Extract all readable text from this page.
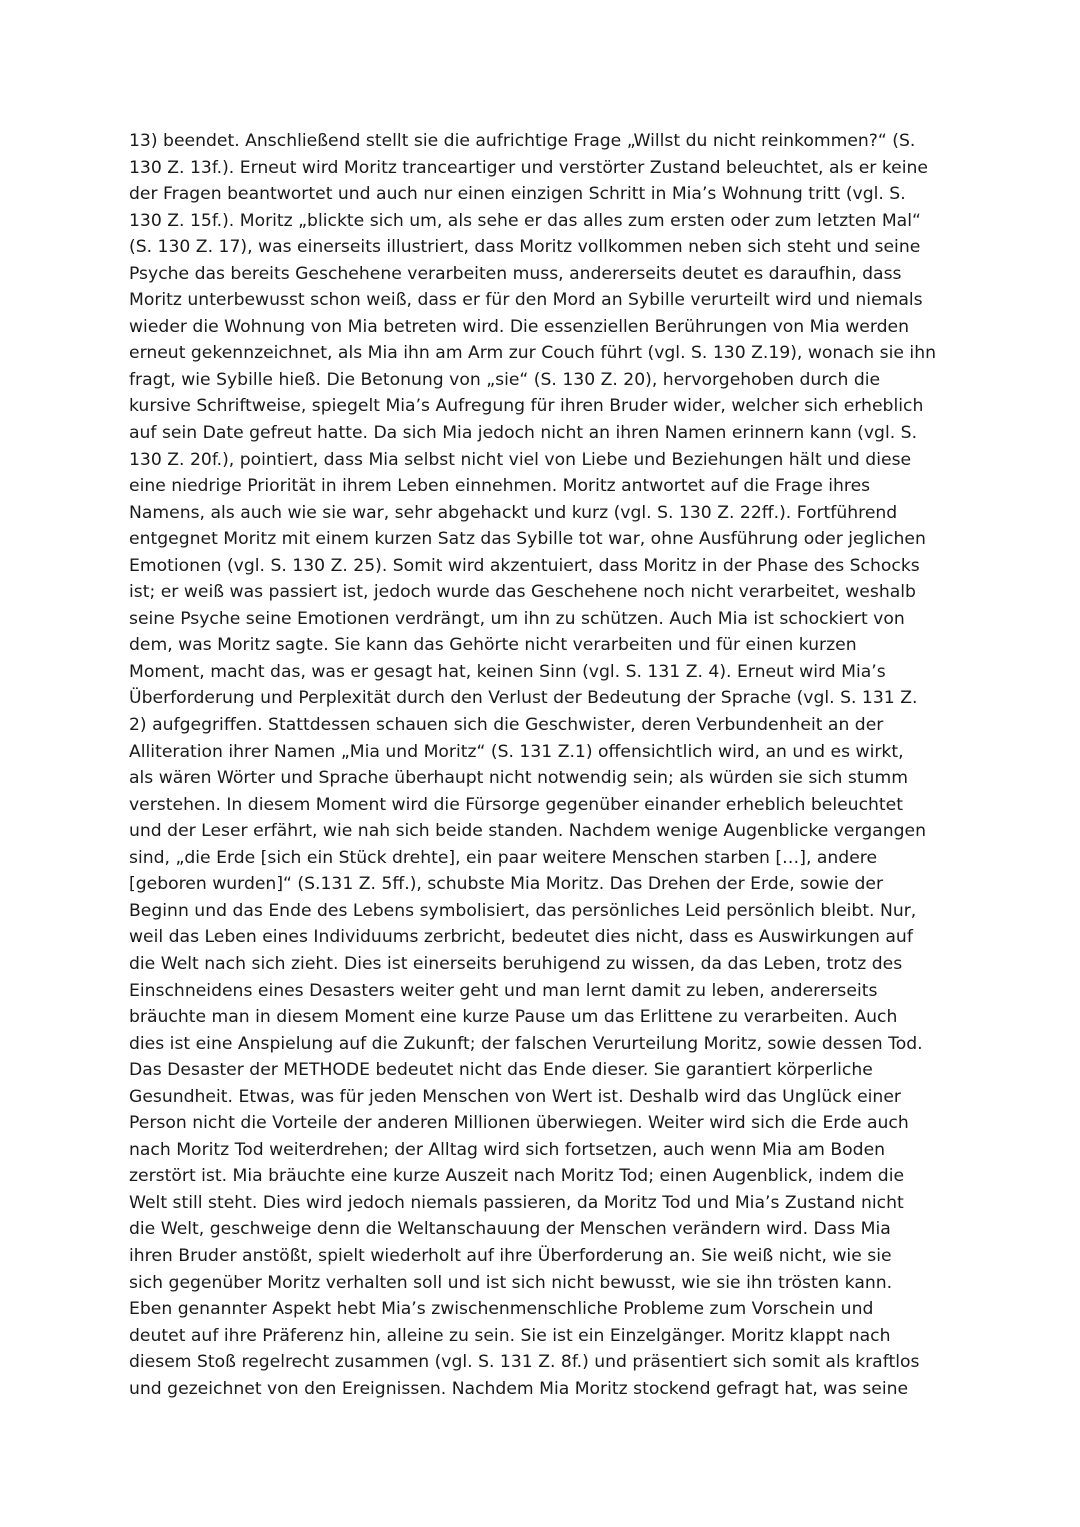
13) beendet. Anschließend stellt sie die aufrichtige Frage „Willst du nicht reinkommen?“ (S.
130 Z. 13f.). Erneut wird Moritz tranceartiger und verstörter Zustand beleuchtet, als er keine
der Fragen beantwortet und auch nur einen einzigen Schritt in Mia’s Wohnung tritt (vgl. S.
130 Z. 15f.). Moritz „blickte sich um, als sehe er das alles zum ersten oder zum letzten Mal“
(S. 130 Z. 17), was einerseits illustriert, dass Moritz vollkommen neben sich steht und seine
Psyche das bereits Geschehene verarbeiten muss, andererseits deutet es daraufhin, dass
Moritz unterbewusst schon weiß, dass er für den Mord an Sybille verurteilt wird und niemals
wieder die Wohnung von Mia betreten wird. Die essenziellen Berührungen von Mia werden
erneut gekennzeichnet, als Mia ihn am Arm zur Couch führt (vgl. S. 130 Z.19), wonach sie ihn
fragt, wie Sybille hieß. Die Betonung von „sie“ (S. 130 Z. 20), hervorgehoben durch die
kursive Schriftweise, spiegelt Mia’s Aufregung für ihren Bruder wider, welcher sich erheblich
auf sein Date gefreut hatte. Da sich Mia jedoch nicht an ihren Namen erinnern kann (vgl. S.
130 Z. 20f.), pointiert, dass Mia selbst nicht viel von Liebe und Beziehungen hält und diese
eine niedrige Priorität in ihrem Leben einnehmen. Moritz antwortet auf die Frage ihres
Namens, als auch wie sie war, sehr abgehackt und kurz (vgl. S. 130 Z. 22ff.). Fortführend
entgegnet Moritz mit einem kurzen Satz das Sybille tot war, ohne Ausführung oder jeglichen
Emotionen (vgl. S. 130 Z. 25). Somit wird akzentuiert, dass Moritz in der Phase des Schocks
ist; er weiß was passiert ist, jedoch wurde das Geschehene noch nicht verarbeitet, weshalb
seine Psyche seine Emotionen verdrängt, um ihn zu schützen. Auch Mia ist schockiert von
dem, was Moritz sagte. Sie kann das Gehörte nicht verarbeiten und für einen kurzen
Moment, macht das, was er gesagt hat, keinen Sinn (vgl. S. 131 Z. 4). Erneut wird Mia’s
Überforderung und Perplexität durch den Verlust der Bedeutung der Sprache (vgl. S. 131 Z.
2) aufgegriffen. Stattdessen schauen sich die Geschwister, deren Verbundenheit an der
Alliteration ihrer Namen „Mia und Moritz“ (S. 131 Z.1) offensichtlich wird, an und es wirkt,
als wären Wörter und Sprache überhaupt nicht notwendig sein; als würden sie sich stumm
verstehen. In diesem Moment wird die Fürsorge gegenüber einander erheblich beleuchtet
und der Leser erfährt, wie nah sich beide standen. Nachdem wenige Augenblicke vergangen
sind, „die Erde [sich ein Stück drehte], ein paar weitere Menschen starben […], andere
[geboren wurden]“ (S.131 Z. 5ff.), schubste Mia Moritz. Das Drehen der Erde, sowie der
Beginn und das Ende des Lebens symbolisiert, das persönliches Leid persönlich bleibt. Nur,
weil das Leben eines Individuums zerbricht, bedeutet dies nicht, dass es Auswirkungen auf
die Welt nach sich zieht. Dies ist einerseits beruhigend zu wissen, da das Leben, trotz des
Einschneidens eines Desasters weiter geht und man lernt damit zu leben, andererseits
bräuchte man in diesem Moment eine kurze Pause um das Erlittene zu verarbeiten. Auch
dies ist eine Anspielung auf die Zukunft; der falschen Verurteilung Moritz, sowie dessen Tod.
Das Desaster der METHODE bedeutet nicht das Ende dieser. Sie garantiert körperliche
Gesundheit. Etwas, was für jeden Menschen von Wert ist. Deshalb wird das Unglück einer
Person nicht die Vorteile der anderen Millionen überwiegen. Weiter wird sich die Erde auch
nach Moritz Tod weiterdrehen; der Alltag wird sich fortsetzen, auch wenn Mia am Boden
zerstört ist. Mia bräuchte eine kurze Auszeit nach Moritz Tod; einen Augenblick, indem die
Welt still steht. Dies wird jedoch niemals passieren, da Moritz Tod und Mia’s Zustand nicht
die Welt, geschweige denn die Weltanschauung der Menschen verändern wird. Dass Mia
ihren Bruder anstößt, spielt wiederholt auf ihre Überforderung an. Sie weiß nicht, wie sie
sich gegenüber Moritz verhalten soll und ist sich nicht bewusst, wie sie ihn trösten kann.
Eben genannter Aspekt hebt Mia’s zwischenmenschliche Probleme zum Vorschein und
deutet auf ihre Präferenz hin, alleine zu sein. Sie ist ein Einzelgänger. Moritz klappt nach
diesem Stoß regelrecht zusammen (vgl. S. 131 Z. 8f.) und präsentiert sich somit als kraftlos
und gezeichnet von den Ereignissen. Nachdem Mia Moritz stockend gefragt hat, was seine
